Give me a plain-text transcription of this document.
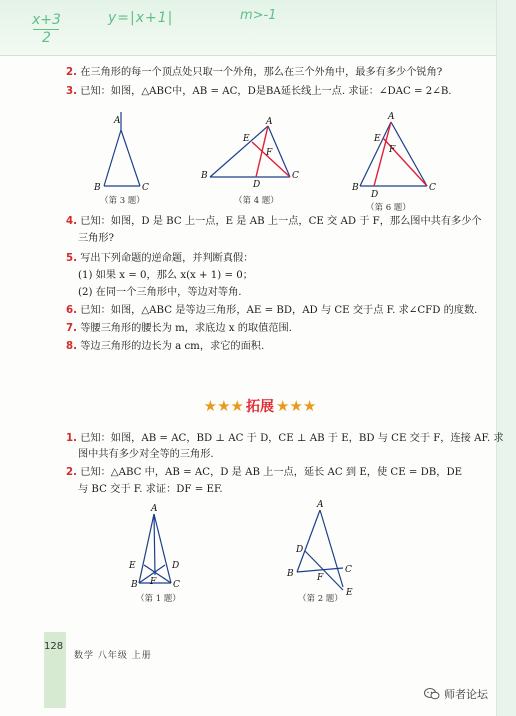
x+3
2
y=|x+1|	m>-1
2. 在三角形的每一个顶点处只取一个外角，那么在三个外角中，最多有多少个锐角?
3. 已知：如图，△ABC中，AB = AC，D是BA延长线上一点. 求证：∠DAC = 2∠B.
A
B	C
A
E
F
B
D
C
A
E
F
B
D
C
A
E	D
F
B	C
A
D
B	F
C
E
（第 3 题）	（第 4 题）
（第 6 题）
4. 已知：如图，D 是 BC 上一点，E 是 AB 上一点，CE 交 AD 于 F，那么图中共有多少个
三角形?
5. 写出下列命题的逆命题，并判断真假：
(1) 如果 x = 0，那么 x(x + 1) = 0；
(2) 在同一个三角形中，等边对等角.
6. 已知：如图，△ABC 是等边三角形，AE = BD，AD 与 CE 交于点 F. 求∠CFD 的度数.
7. 等腰三角形的腰长为 m，求底边 x 的取值范围.
8. 等边三角形的边长为 a cm，求它的面积.
★★★ 拓展 ★★★
1. 已知：如图，AB = AC，BD ⊥ AC 于 D，CE ⊥ AB 于 E，BD 与 CE 交于 F，连接 AF. 求
图中共有多少对全等的三角形.
2. 已知：△ABC 中，AB = AC，D 是 AB 上一点，延长 AC 到 E，使 CE = DB，DE
与 BC 交于 F. 求证：DF = EF.
（第 1 题）	（第 2 题）
128
数学 八年级 上册
师者论坛
